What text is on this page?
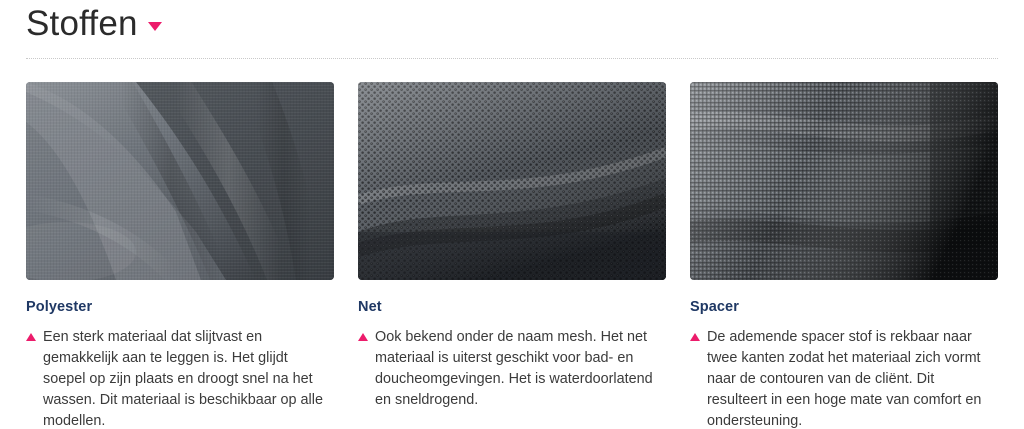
Stoffen
Polyester
Een sterk materiaal dat slijtvast en gemakkelijk aan te leggen is. Het glijdt soepel op zijn plaats en droogt snel na het wassen. Dit materiaal is beschikbaar op alle modellen.
Net
Ook bekend onder de naam mesh. Het net materiaal is uiterst geschikt voor bad- en doucheomgevingen. Het is waterdoorlatend en sneldrogend.
Spacer
De ademende spacer stof is rekbaar naar twee kanten zodat het materiaal zich vormt naar de contouren van de cliënt. Dit resulteert in een hoge mate van comfort en ondersteuning.
